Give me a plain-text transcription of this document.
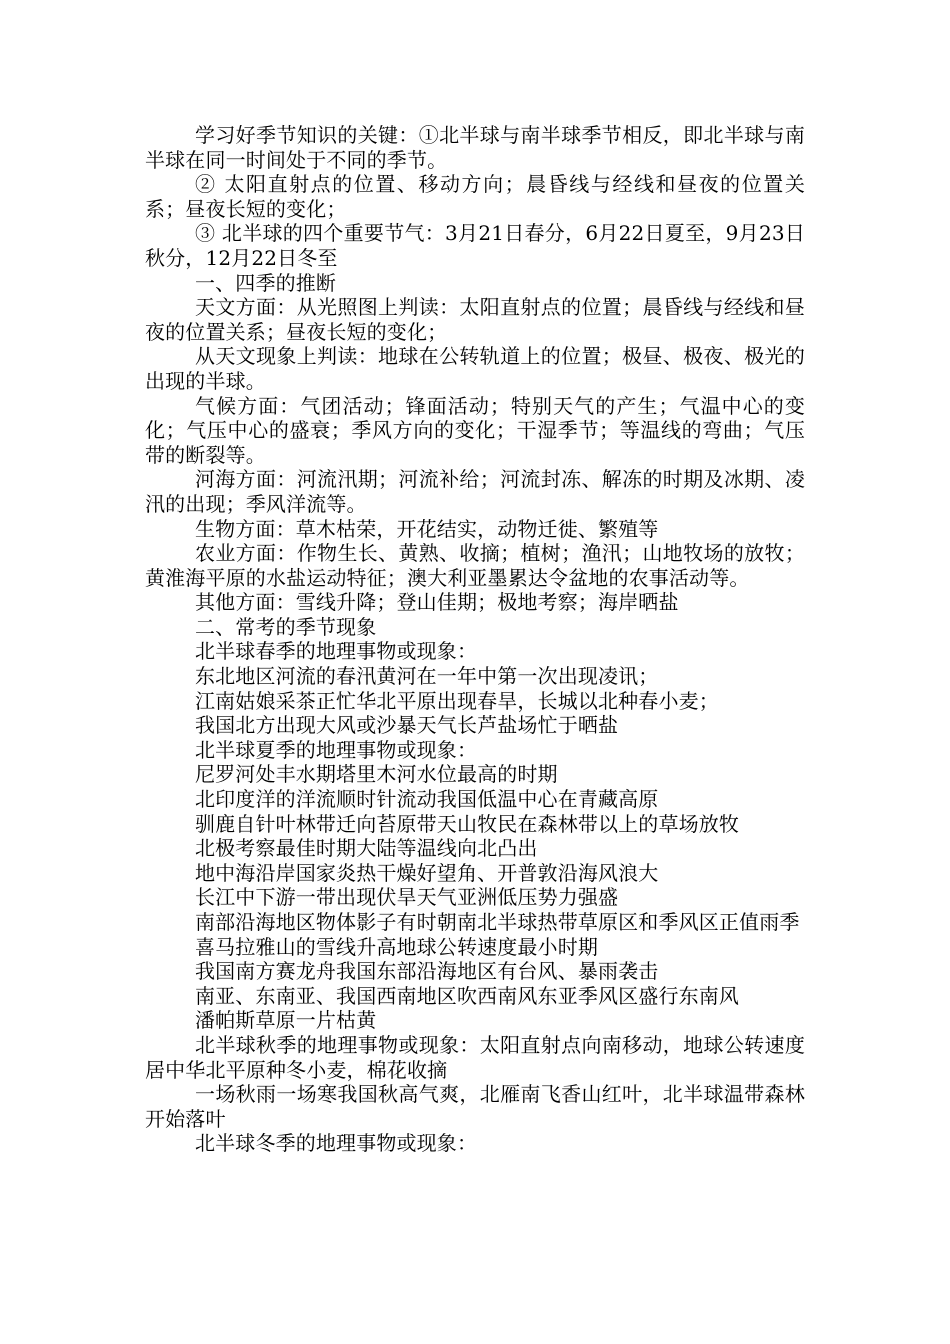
学习好季节知识的关键：①北半球与南半球季节相反，即北半球与南半球在同一时间处于不同的季节。

② 太阳直射点的位置、移动方向；晨昏线与经线和昼夜的位置关系；昼夜长短的变化；

③ 北半球的四个重要节气：3月21日春分，6月22日夏至，9月23日秋分，12月22日冬至

一、四季的推断

天文方面：从光照图上判读：太阳直射点的位置；晨昏线与经线和昼夜的位置关系；昼夜长短的变化；

从天文现象上判读：地球在公转轨道上的位置；极昼、极夜、极光的出现的半球。

气候方面：气团活动；锋面活动；特别天气的产生；气温中心的变化；气压中心的盛衰；季风方向的变化；干湿季节；等温线的弯曲；气压带的断裂等。

河海方面：河流汛期；河流补给；河流封冻、解冻的时期及冰期、凌汛的出现；季风洋流等。

生物方面：草木枯荣，开花结实，动物迁徙、繁殖等

农业方面：作物生长、黄熟、收摘；植树；渔汛；山地牧场的放牧；黄淮海平原的水盐运动特征；澳大利亚墨累达令盆地的农事活动等。

其他方面：雪线升降；登山佳期；极地考察；海岸晒盐

二、常考的季节现象

北半球春季的地理事物或现象：

东北地区河流的春汛黄河在一年中第一次出现凌讯；

江南姑娘采茶正忙华北平原出现春旱，长城以北种春小麦；

我国北方出现大风或沙暴天气长芦盐场忙于晒盐

北半球夏季的地理事物或现象：

尼罗河处丰水期塔里木河水位最高的时期

北印度洋的洋流顺时针流动我国低温中心在青藏高原

驯鹿自针叶林带迁向苔原带天山牧民在森林带以上的草场放牧

北极考察最佳时期大陆等温线向北凸出

地中海沿岸国家炎热干燥好望角、开普敦沿海风浪大

长江中下游一带出现伏旱天气亚洲低压势力强盛

南部沿海地区物体影子有时朝南北半球热带草原区和季风区正值雨季

喜马拉雅山的雪线升高地球公转速度最小时期

我国南方赛龙舟我国东部沿海地区有台风、暴雨袭击

南亚、东南亚、我国西南地区吹西南风东亚季风区盛行东南风

潘帕斯草原一片枯黄

北半球秋季的地理事物或现象：太阳直射点向南移动，地球公转速度居中华北平原种冬小麦，棉花收摘

一场秋雨一场寒我国秋高气爽，北雁南飞香山红叶，北半球温带森林开始落叶

北半球冬季的地理事物或现象：
